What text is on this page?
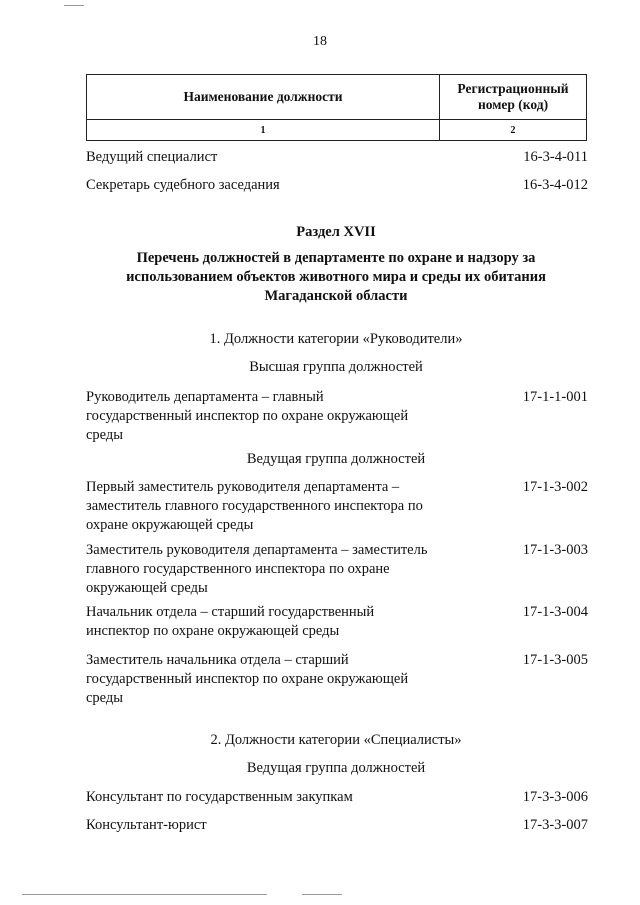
18
Наименование должности	Регистрационный
номер (код)

1	2
Ведущий специалист	16-3-4-011
Секретарь судебного заседания	16-3-4-012
Раздел XVII
Перечень должностей в департаменте по охране и надзору за
использованием объектов животного мира и среды их обитания
Магаданской области
1. Должности категории «Руководители»
Высшая группа должностей
Руководитель департамента – главный
государственный инспектор по охране окружающей
среды
17-1-1-001
Ведущая группа должностей
Первый заместитель руководителя департамента –
заместитель главного государственного инспектора по
охране окружающей среды
17-1-3-002
Заместитель руководителя департамента – заместитель
главного государственного инспектора по охране
окружающей среды
17-1-3-003
Начальник отдела – старший государственный
инспектор по охране окружающей среды
17-1-3-004
Заместитель начальника отдела – старший
государственный инспектор по охране окружающей
среды
17-1-3-005
2. Должности категории «Специалисты»
Ведущая группа должностей
Консультант по государственным закупкам	17-3-3-006
Консультант-юрист	17-3-3-007
